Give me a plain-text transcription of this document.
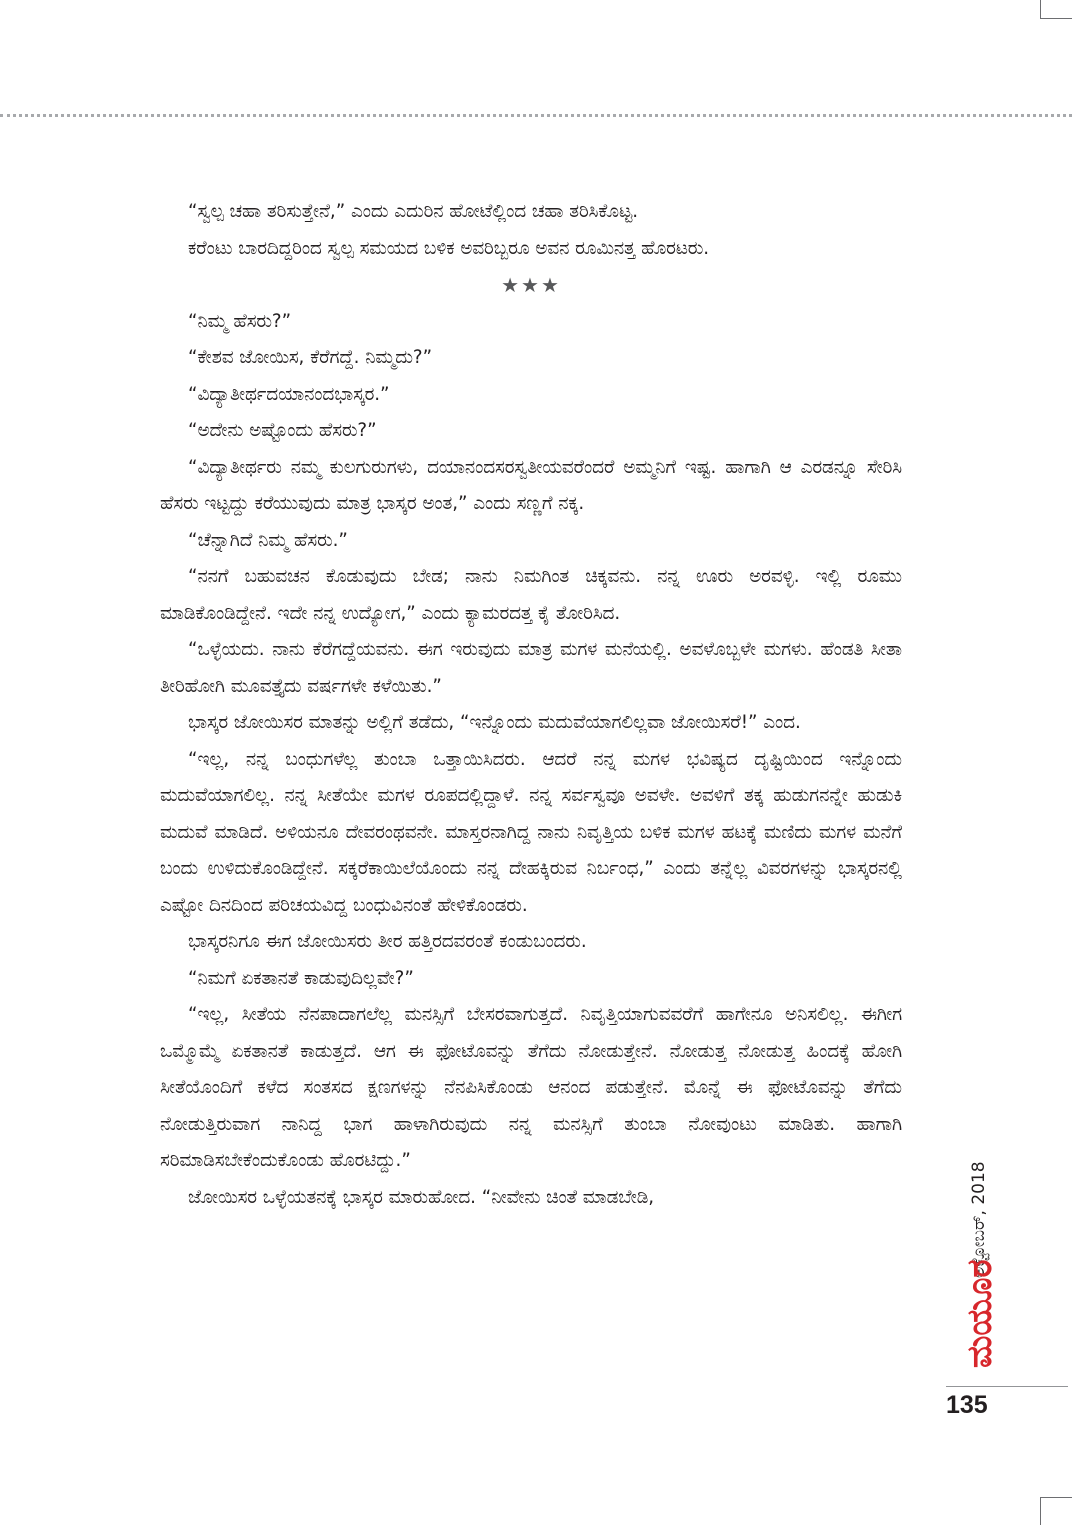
“ಸ್ವಲ್ಪ ಚಹಾ ತರಿಸುತ್ತೇನೆ,” ಎಂದು ಎದುರಿನ ಹೋಟೆಲ್ಲಿಂದ ಚಹಾ ತರಿಸಿಕೊಟ್ಟ.

ಕರೆಂಟು ಬಾರದಿದ್ದರಿಂದ ಸ್ವಲ್ಪ ಸಮಯದ ಬಳಿಕ ಅವರಿಬ್ಬರೂ ಅವನ ರೂಮಿನತ್ತ ಹೊರಟರು.

★★★

“ನಿಮ್ಮ ಹೆಸರು?”

“ಕೇಶವ ಜೋಯಿಸ, ಕೆರೆಗದ್ದೆ. ನಿಮ್ಮದು?”

“ವಿದ್ಯಾತೀರ್ಥದಯಾನಂದಭಾಸ್ಕರ.”

“ಅದೇನು ಅಷ್ಟೊಂದು ಹೆಸರು?”

“ವಿದ್ಯಾತೀರ್ಥರು ನಮ್ಮ ಕುಲಗುರುಗಳು, ದಯಾನಂದಸರಸ್ವತೀಯವರೆಂದರೆ ಅಮ್ಮನಿಗೆ ಇಷ್ಟ. ಹಾಗಾಗಿ ಆ ಎರಡನ್ನೂ ಸೇರಿಸಿ ಹೆಸರು ಇಟ್ಟದ್ದು ಕರೆಯುವುದು ಮಾತ್ರ ಭಾಸ್ಕರ ಅಂತ,” ಎಂದು ಸಣ್ಣಗೆ ನಕ್ಕ.

“ಚೆನ್ನಾಗಿದೆ ನಿಮ್ಮ ಹೆಸರು.”

“ನನಗೆ ಬಹುವಚನ ಕೊಡುವುದು ಬೇಡ; ನಾನು ನಿಮಗಿಂತ ಚಿಕ್ಕವನು. ನನ್ನ ಊರು ಅರವಳ್ಳಿ. ಇಲ್ಲಿ ರೂಮು ಮಾಡಿಕೊಂಡಿದ್ದೇನೆ. ಇದೇ ನನ್ನ ಉದ್ಯೋಗ,” ಎಂದು ಕ್ಯಾಮರದತ್ತ ಕೈ ತೋರಿಸಿದ.

“ಒಳ್ಳೆಯದು. ನಾನು ಕೆರೆಗದ್ದೆಯವನು. ಈಗ ಇರುವುದು ಮಾತ್ರ ಮಗಳ ಮನೆಯಲ್ಲಿ. ಅವಳೊಬ್ಬಳೇ ಮಗಳು. ಹೆಂಡತಿ ಸೀತಾ ತೀರಿಹೋಗಿ ಮೂವತ್ತೈದು ವರ್ಷಗಳೇ ಕಳೆಯಿತು.”

ಭಾಸ್ಕರ ಜೋಯಿಸರ ಮಾತನ್ನು ಅಲ್ಲಿಗೆ ತಡೆದು, “ಇನ್ನೊಂದು ಮದುವೆಯಾಗಲಿಲ್ಲವಾ ಜೋಯಿಸರೆ!” ಎಂದ.

“ಇಲ್ಲ, ನನ್ನ ಬಂಧುಗಳೆಲ್ಲ ತುಂಬಾ ಒತ್ತಾಯಿಸಿದರು. ಆದರೆ ನನ್ನ ಮಗಳ ಭವಿಷ್ಯದ ದೃಷ್ಟಿಯಿಂದ ಇನ್ನೊಂದು ಮದುವೆಯಾಗಲಿಲ್ಲ. ನನ್ನ ಸೀತೆಯೇ ಮಗಳ ರೂಪದಲ್ಲಿದ್ದಾಳೆ. ನನ್ನ ಸರ್ವಸ್ವವೂ ಅವಳೇ. ಅವಳಿಗೆ ತಕ್ಕ ಹುಡುಗನನ್ನೇ ಹುಡುಕಿ ಮದುವೆ ಮಾಡಿದೆ. ಅಳಿಯನೂ ದೇವರಂಥವನೇ. ಮಾಸ್ತರನಾಗಿದ್ದ ನಾನು ನಿವೃತ್ತಿಯ ಬಳಿಕ ಮಗಳ ಹಟಕ್ಕೆ ಮಣಿದು ಮಗಳ ಮನೆಗೆ ಬಂದು ಉಳಿದುಕೊಂಡಿದ್ದೇನೆ. ಸಕ್ಕರೆಕಾಯಿಲೆಯೊಂದು ನನ್ನ ದೇಹಕ್ಕಿರುವ ನಿರ್ಬಂಧ,” ಎಂದು ತನ್ನೆಲ್ಲ ವಿವರಗಳನ್ನು ಭಾಸ್ಕರನಲ್ಲಿ ಎಷ್ಟೋ ದಿನದಿಂದ ಪರಿಚಯವಿದ್ದ ಬಂಧುವಿನಂತೆ ಹೇಳಿಕೊಂಡರು.

ಭಾಸ್ಕರನಿಗೂ ಈಗ ಜೋಯಿಸರು ತೀರ ಹತ್ತಿರದವರಂತೆ ಕಂಡುಬಂದರು.

“ನಿಮಗೆ ಏಕತಾನತೆ ಕಾಡುವುದಿಲ್ಲವೇ?”

“ಇಲ್ಲ, ಸೀತೆಯ ನೆನಪಾದಾಗಲೆಲ್ಲ ಮನಸ್ಸಿಗೆ ಬೇಸರವಾಗುತ್ತದೆ. ನಿವೃತ್ತಿಯಾಗುವವರೆಗೆ ಹಾಗೇನೂ ಅನಿಸಲಿಲ್ಲ. ಈಗೀಗ ಒಮ್ಮೊಮ್ಮೆ ಏಕತಾನತೆ ಕಾಡುತ್ತದೆ. ಆಗ ಈ ಫೋಟೊವನ್ನು ತೆಗೆದು ನೋಡುತ್ತೇನೆ. ನೋಡುತ್ತ ನೋಡುತ್ತ ಹಿಂದಕ್ಕೆ ಹೋಗಿ ಸೀತೆಯೊಂದಿಗೆ ಕಳೆದ ಸಂತಸದ ಕ್ಷಣಗಳನ್ನು ನೆನಪಿಸಿಕೊಂಡು ಆನಂದ ಪಡುತ್ತೇನೆ. ಮೊನ್ನೆ ಈ ಫೋಟೊವನ್ನು ತೆಗೆದು ನೋಡುತ್ತಿರುವಾಗ ನಾನಿದ್ದ ಭಾಗ ಹಾಳಾಗಿರುವುದು ನನ್ನ ಮನಸ್ಸಿಗೆ ತುಂಬಾ ನೋವುಂಟು ಮಾಡಿತು. ಹಾಗಾಗಿ ಸರಿಮಾಡಿಸಬೇಕೆಂದುಕೊಂಡು ಹೊರಟಿದ್ದು.”

ಜೋಯಿಸರ ಒಳ್ಳೆಯತನಕ್ಕೆ ಭಾಸ್ಕರ ಮಾರುಹೋದ. “ನೀವೇನು ಚಿಂತೆ ಮಾಡಬೇಡಿ,	ಅಕ್ಟೋಬರ್, 2018
ಮಯೂರ
135
